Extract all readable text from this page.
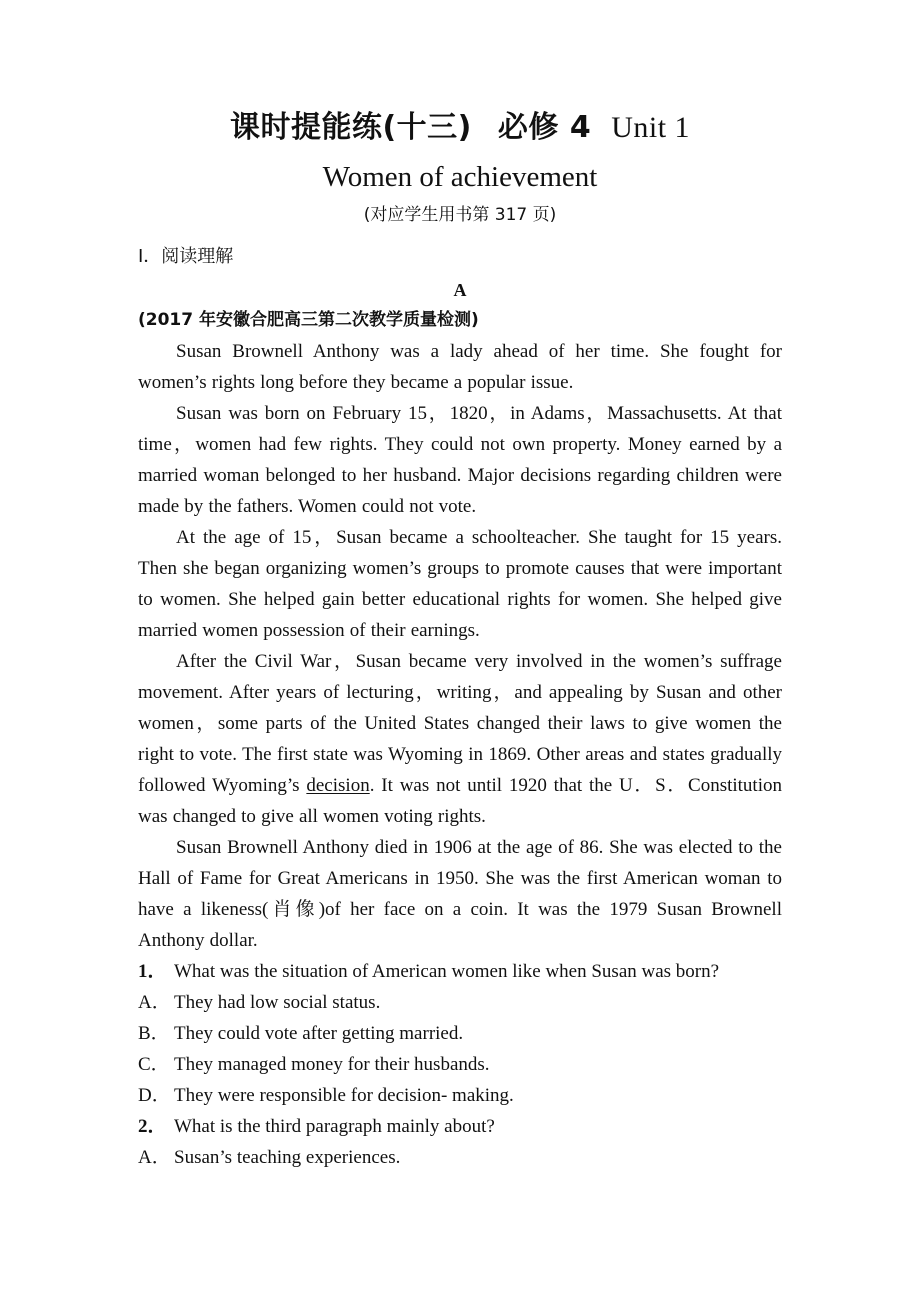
课时提能练(十三) 必修 4 Unit 1
Women of achievement

(对应学生用书第 317 页)

Ⅰ．阅读理解

A

(2017 年安徽合肥高三第二次教学质量检测)

Susan Brownell Anthony was a lady ahead of her time. She fought for women’s rights long before they became a popular issue.

Susan was born on February 15，1820，in Adams，Massachusetts. At that time，women had few rights. They could not own property. Money earned by a married woman belonged to her husband. Major decisions regarding children were made by the fathers. Women could not vote.

At the age of 15，Susan became a schoolteacher. She taught for 15 years. Then she began organizing women’s groups to promote causes that were important to women. She helped gain better educational rights for women. She helped give married women possession of their earnings.

After the Civil War，Susan became very involved in the women’s suffrage movement. After years of lecturing，writing，and appealing by Susan and other women，some parts of the United States changed their laws to give women the right to vote. The first state was Wyoming in 1869. Other areas and states gradually followed Wyoming’s decision. It was not until 1920 that the U．S．Constitution was changed to give all women voting rights.

Susan Brownell Anthony died in 1906 at the age of 86. She was elected to the Hall of Fame for Great Americans in 1950. She was the first American woman to have a likeness(肖像)of her face on a coin. It was the 1979 Susan Brownell Anthony dollar.

1． What was the situation of American women like when Susan was born?
A． They had low social status.
B． They could vote after getting married.
C． They managed money for their husbands.
D． They were responsible for decision- making.
2． What is the third paragraph mainly about?
A． Susan’s teaching experiences.
